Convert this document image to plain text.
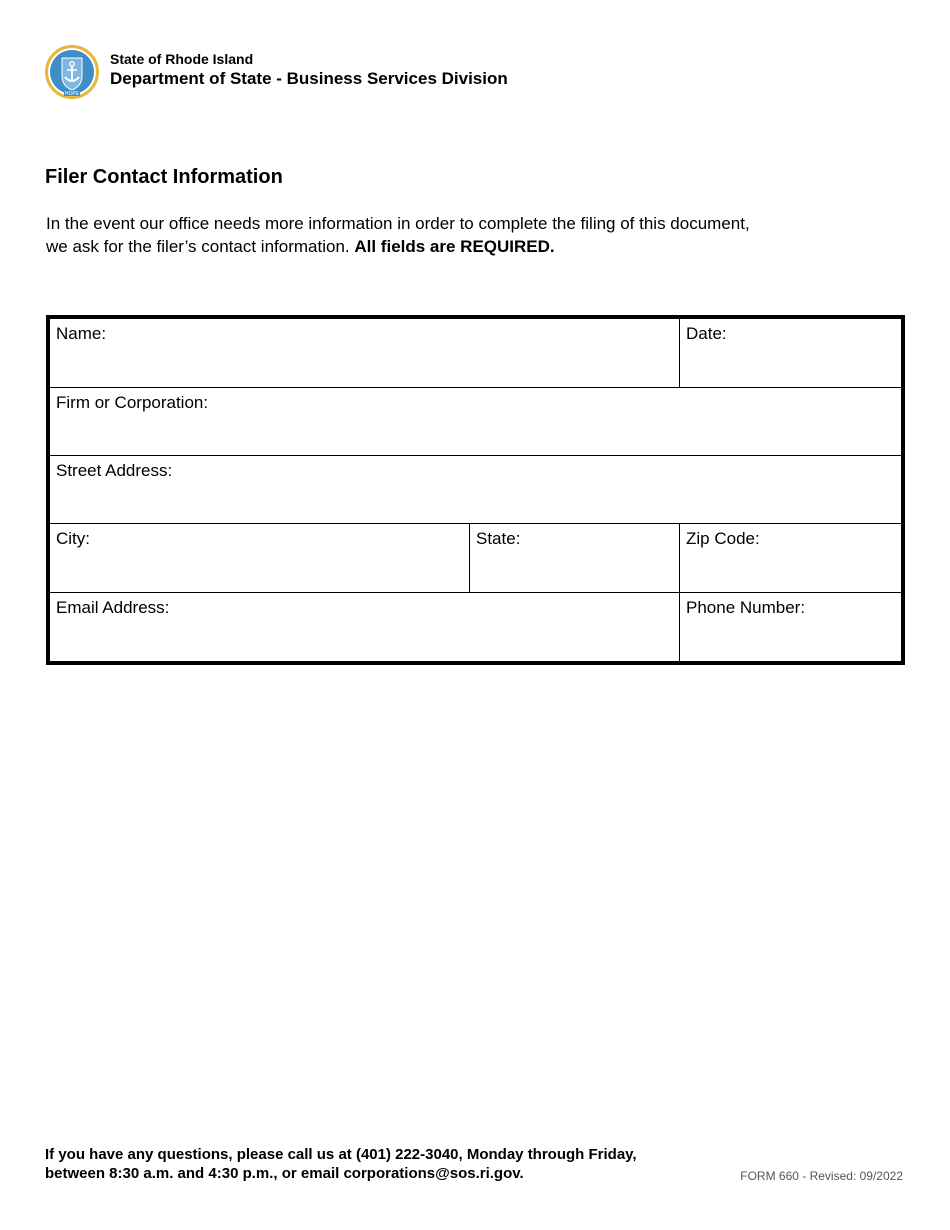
HOPE
State of Rhode Island
Department of State - Business Services Division
Filer Contact Information
In the event our office needs more information in order to complete the filing of this document, we ask for the filer’s contact information. All fields are REQUIRED.
Name:	Date:
Firm or Corporation:
Street Address:
City:	State:	Zip Code:
Email Address:	Phone Number:
If you have any questions, please call us at (401) 222-3040, Monday through Friday, between 8:30 a.m. and 4:30 p.m., or email corporations@sos.ri.gov.	FORM 660 - Revised: 09/2022
